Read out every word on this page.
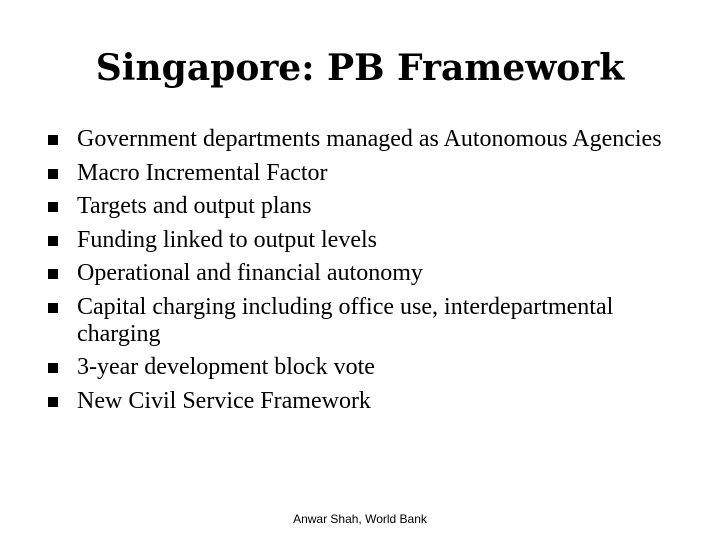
Singapore: PB Framework
Government departments managed as Autonomous Agencies
Macro Incremental Factor
Targets and output plans
Funding linked to output levels
Operational and financial autonomy
Capital charging including office use, interdepartmental charging
3-year development block vote
New Civil Service Framework
Anwar Shah, World Bank
